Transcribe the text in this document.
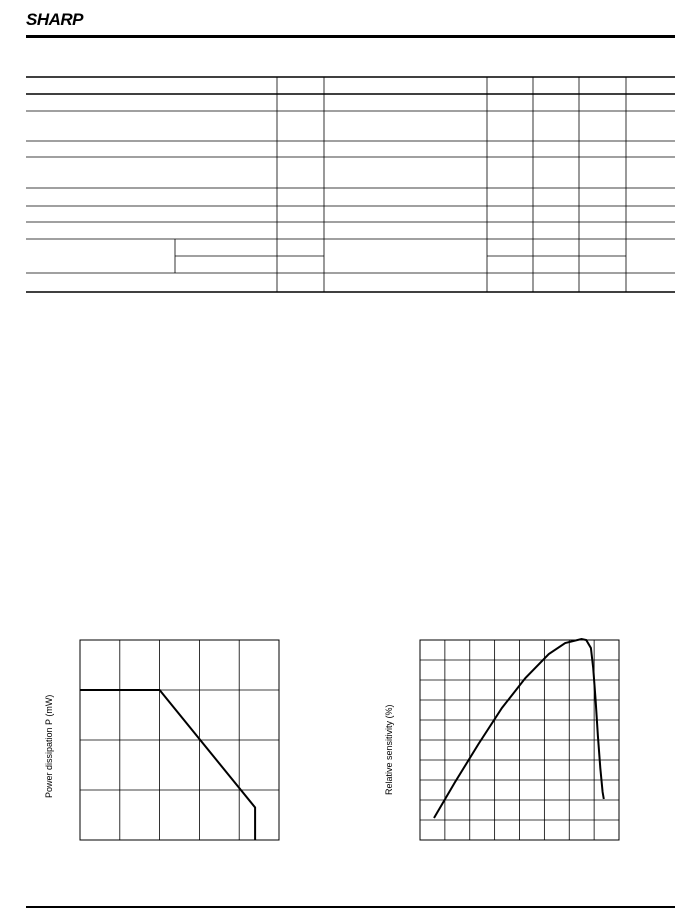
SHARP
Power dissipation P (mW)	Relative sensitivity (%)
